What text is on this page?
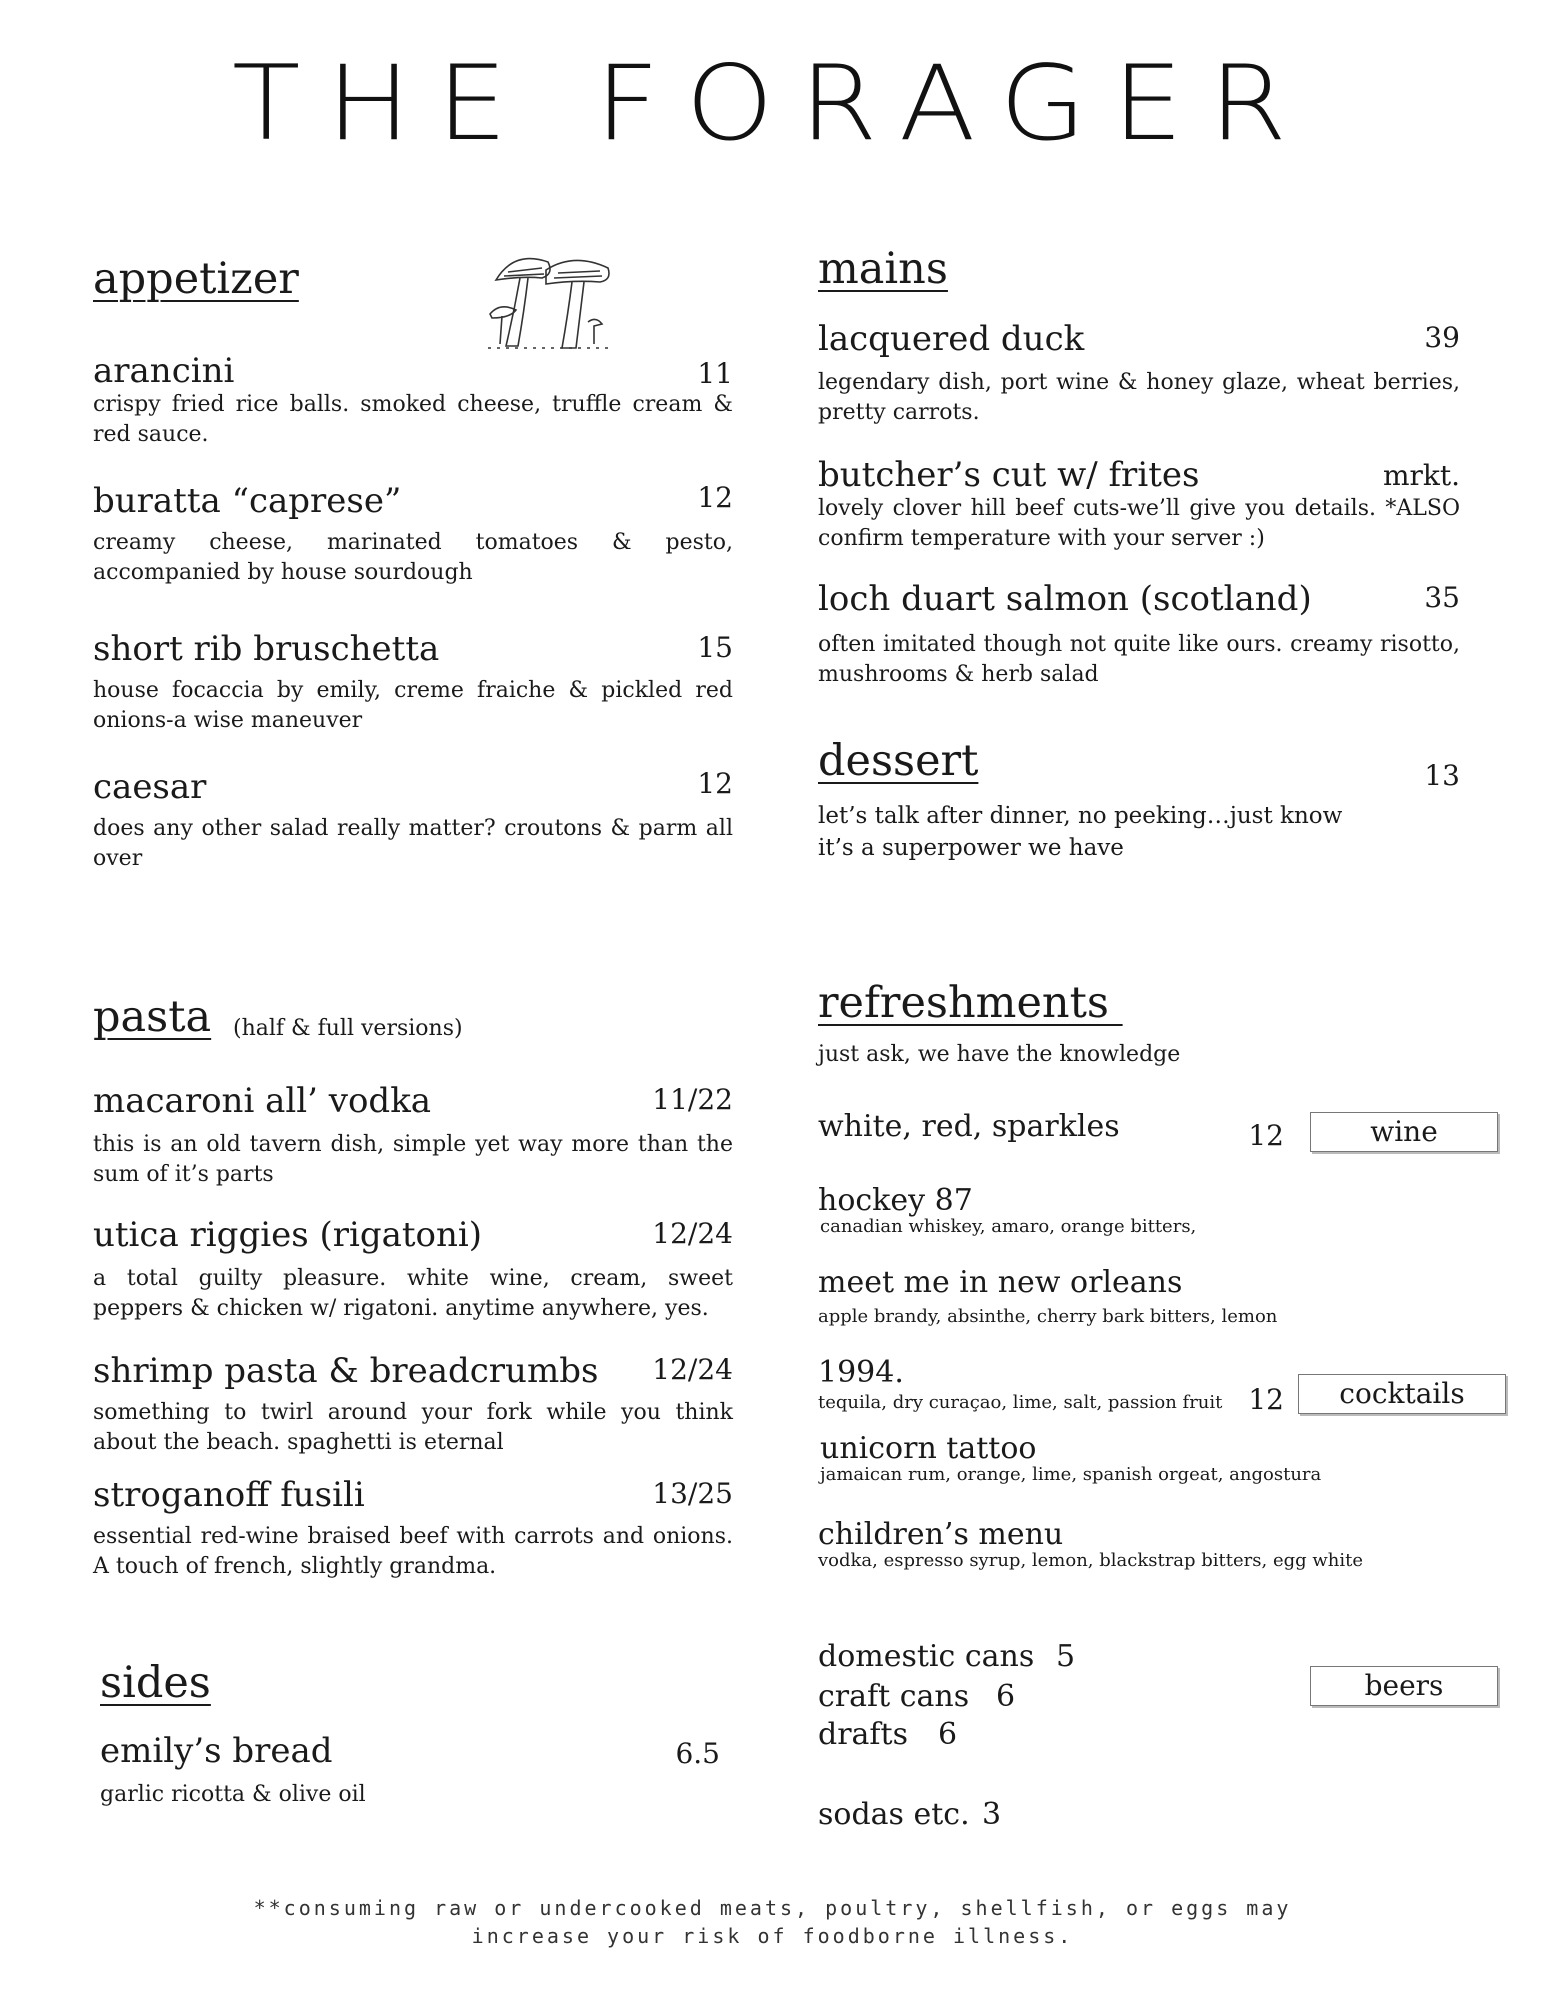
THE FORAGER
appetizer
arancini	11
crispy fried rice balls. smoked cheese, truffle cream & red sauce.
buratta “caprese”	12
creamy cheese, marinated tomatoes & pesto, accompanied by house sourdough
short rib bruschetta	15
house focaccia by emily, creme fraiche & pickled red onions-a wise maneuver
caesar	12
does any other salad really matter? croutons & parm all over
mains
lacquered duck	39
legendary dish, port wine & honey glaze, wheat berries, pretty carrots.
butcher’s cut w/ frites	mrkt.
lovely clover hill beef cuts-we’ll give you details. *ALSO confirm temperature with your server :)
loch duart salmon (scotland)	35
often imitated though not quite like ours. creamy risotto, mushrooms & herb salad
dessert	13
let’s talk after dinner, no peeking…just know it’s a superpower we have
pasta (half & full versions)
macaroni all’ vodka	11/22
this is an old tavern dish, simple yet way more than the sum of it’s parts
utica riggies (rigatoni)	12/24
a total guilty pleasure. white wine, cream, sweet peppers & chicken w/ rigatoni. anytime anywhere, yes.
shrimp pasta & breadcrumbs	12/24
something to twirl around your fork while you think about the beach. spaghetti is eternal
stroganoff fusili	13/25
essential red-wine braised beef with carrots and onions. A touch of french, slightly grandma.
sides
emily’s bread	6.5
garlic ricotta & olive oil
refreshments
just ask, we have the knowledge
white, red, sparkles	12	wine
hockey 87
canadian whiskey, amaro, orange bitters,
meet me in new orleans
apple brandy, absinthe, cherry bark bitters, lemon
1994.
tequila, dry curaçao, lime, salt, passion fruit 12	cocktails
unicorn tattoo
jamaican rum, orange, lime, spanish orgeat, angostura
children’s menu
vodka, espresso syrup, lemon, blackstrap bitters, egg white
domestic cans 5
craft cans 6
drafts 6
beers
sodas etc. 3
**consuming raw or undercooked meats, poultry, shellfish, or eggs may
increase your risk of foodborne illness.
